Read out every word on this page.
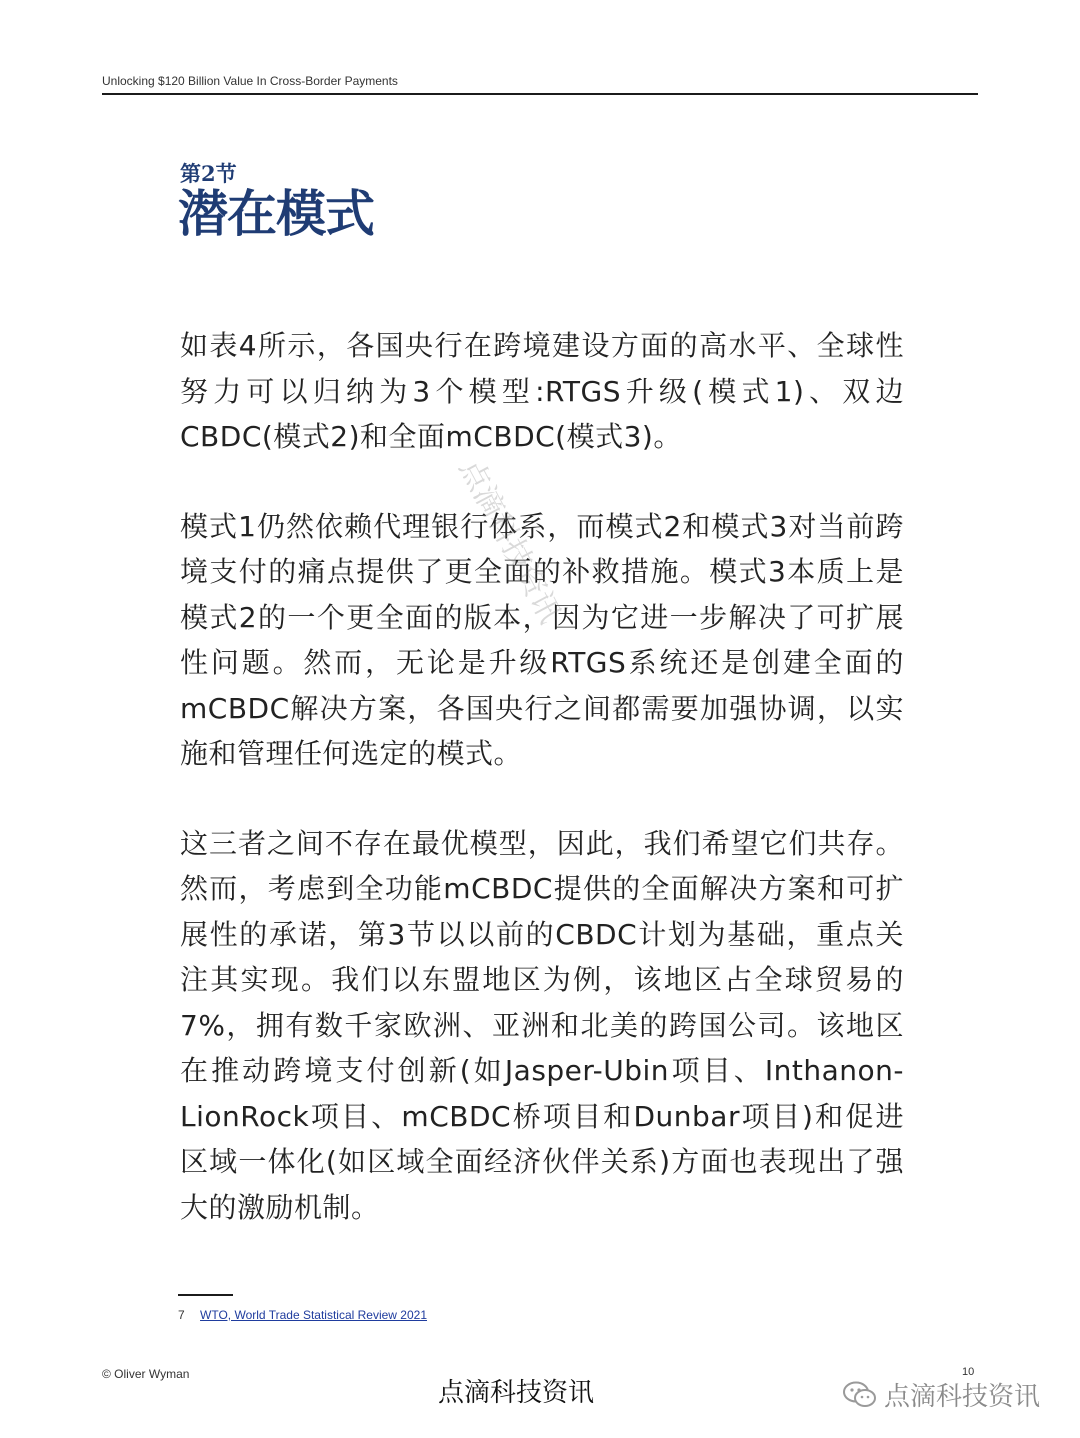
Unlocking $120 Billion Value In Cross-Border Payments
第2节
潜在模式

如表4所示，各国央行在跨境建设方面的高水平、全球性努力可以归纳为3个模型:RTGS升级(模式1)、双边CBDC(模式2)和全面mCBDC(模式3)。

模式1仍然依赖代理银行体系，而模式2和模式3对当前跨境支付的痛点提供了更全面的补救措施。模式3本质上是模式2的一个更全面的版本，因为它进一步解决了可扩展性问题。然而，无论是升级RTGS系统还是创建全面的mCBDC解决方案，各国央行之间都需要加强协调，以实施和管理任何选定的模式。

这三者之间不存在最优模型，因此，我们希望它们共存。然而，考虑到全功能mCBDC提供的全面解决方案和可扩展性的承诺，第3节以以前的CBDC计划为基础，重点关注其实现。我们以东盟地区为例，该地区占全球贸易的7%，拥有数千家欧洲、亚洲和北美的跨国公司。该地区在推动跨境支付创新(如Jasper-Ubin项目、Inthanon-LionRock项目、mCBDC桥项目和Dunbar项目)和促进区域一体化(如区域全面经济伙伴关系)方面也表现出了强大的激励机制。

点滴科技资讯
7 WTO, World Trade Statistical Review 2021
© Oliver Wyman	10
点滴科技资讯	点滴科技资讯
